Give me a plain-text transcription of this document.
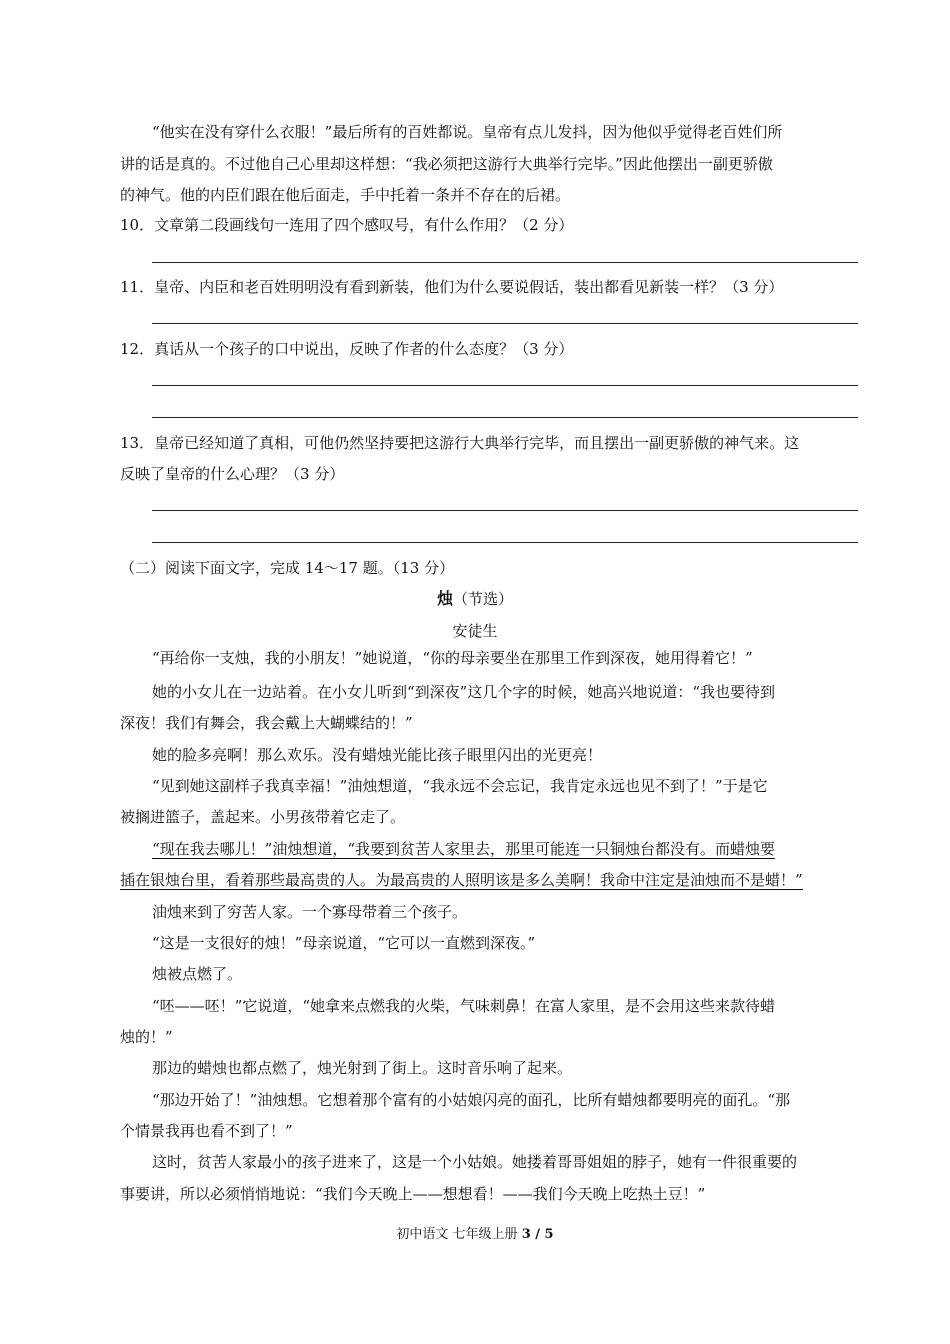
“他实在没有穿什么衣服！”最后所有的百姓都说。皇帝有点儿发抖，因为他似乎觉得老百姓们所
讲的话是真的。不过他自己心里却这样想：“我必须把这游行大典举行完毕。”因此他摆出一副更骄傲
的神气。他的内臣们跟在他后面走，手中托着一条并不存在的后裙。
10．文章第二段画线句一连用了四个感叹号，有什么作用？（2 分）
11．皇帝、内臣和老百姓明明没有看到新装，他们为什么要说假话，装出都看见新装一样？（3 分）
12．真话从一个孩子的口中说出，反映了作者的什么态度？（3 分）
13．皇帝已经知道了真相，可他仍然坚持要把这游行大典举行完毕，而且摆出一副更骄傲的神气来。这
反映了皇帝的什么心理？（3 分）
（二）阅读下面文字，完成 14～17 题。（13 分）
烛（节选）
安徒生
“再给你一支烛，我的小朋友！”她说道，“你的母亲要坐在那里工作到深夜，她用得着它！”
她的小女儿在一边站着。在小女儿听到“到深夜”这几个字的时候，她高兴地说道：“我也要待到
深夜！我们有舞会，我会戴上大蝴蝶结的！”
她的脸多亮啊！那么欢乐。没有蜡烛光能比孩子眼里闪出的光更亮！
“见到她这副样子我真幸福！”油烛想道，“我永远不会忘记，我肯定永远也见不到了！”于是它
被搁进篮子，盖起来。小男孩带着它走了。
“现在我去哪儿！”油烛想道，“我要到贫苦人家里去，那里可能连一只铜烛台都没有。而蜡烛要
插在银烛台里，看着那些最高贵的人。为最高贵的人照明该是多么美啊！我命中注定是油烛而不是蜡！”
油烛来到了穷苦人家。一个寡母带着三个孩子。
“这是一支很好的烛！”母亲说道，“它可以一直燃到深夜。”
烛被点燃了。
“呸——呸！”它说道，“她拿来点燃我的火柴，气味刺鼻！在富人家里，是不会用这些来款待蜡
烛的！”
那边的蜡烛也都点燃了，烛光射到了街上。这时音乐响了起来。
“那边开始了！”油烛想。它想着那个富有的小姑娘闪亮的面孔，比所有蜡烛都要明亮的面孔。“那
个情景我再也看不到了！”
这时，贫苦人家最小的孩子进来了，这是一个小姑娘。她搂着哥哥姐姐的脖子，她有一件很重要的
事要讲，所以必须悄悄地说：“我们今天晚上——想想看！——我们今天晚上吃热土豆！”
初中语文 七年级上册 3 / 5
